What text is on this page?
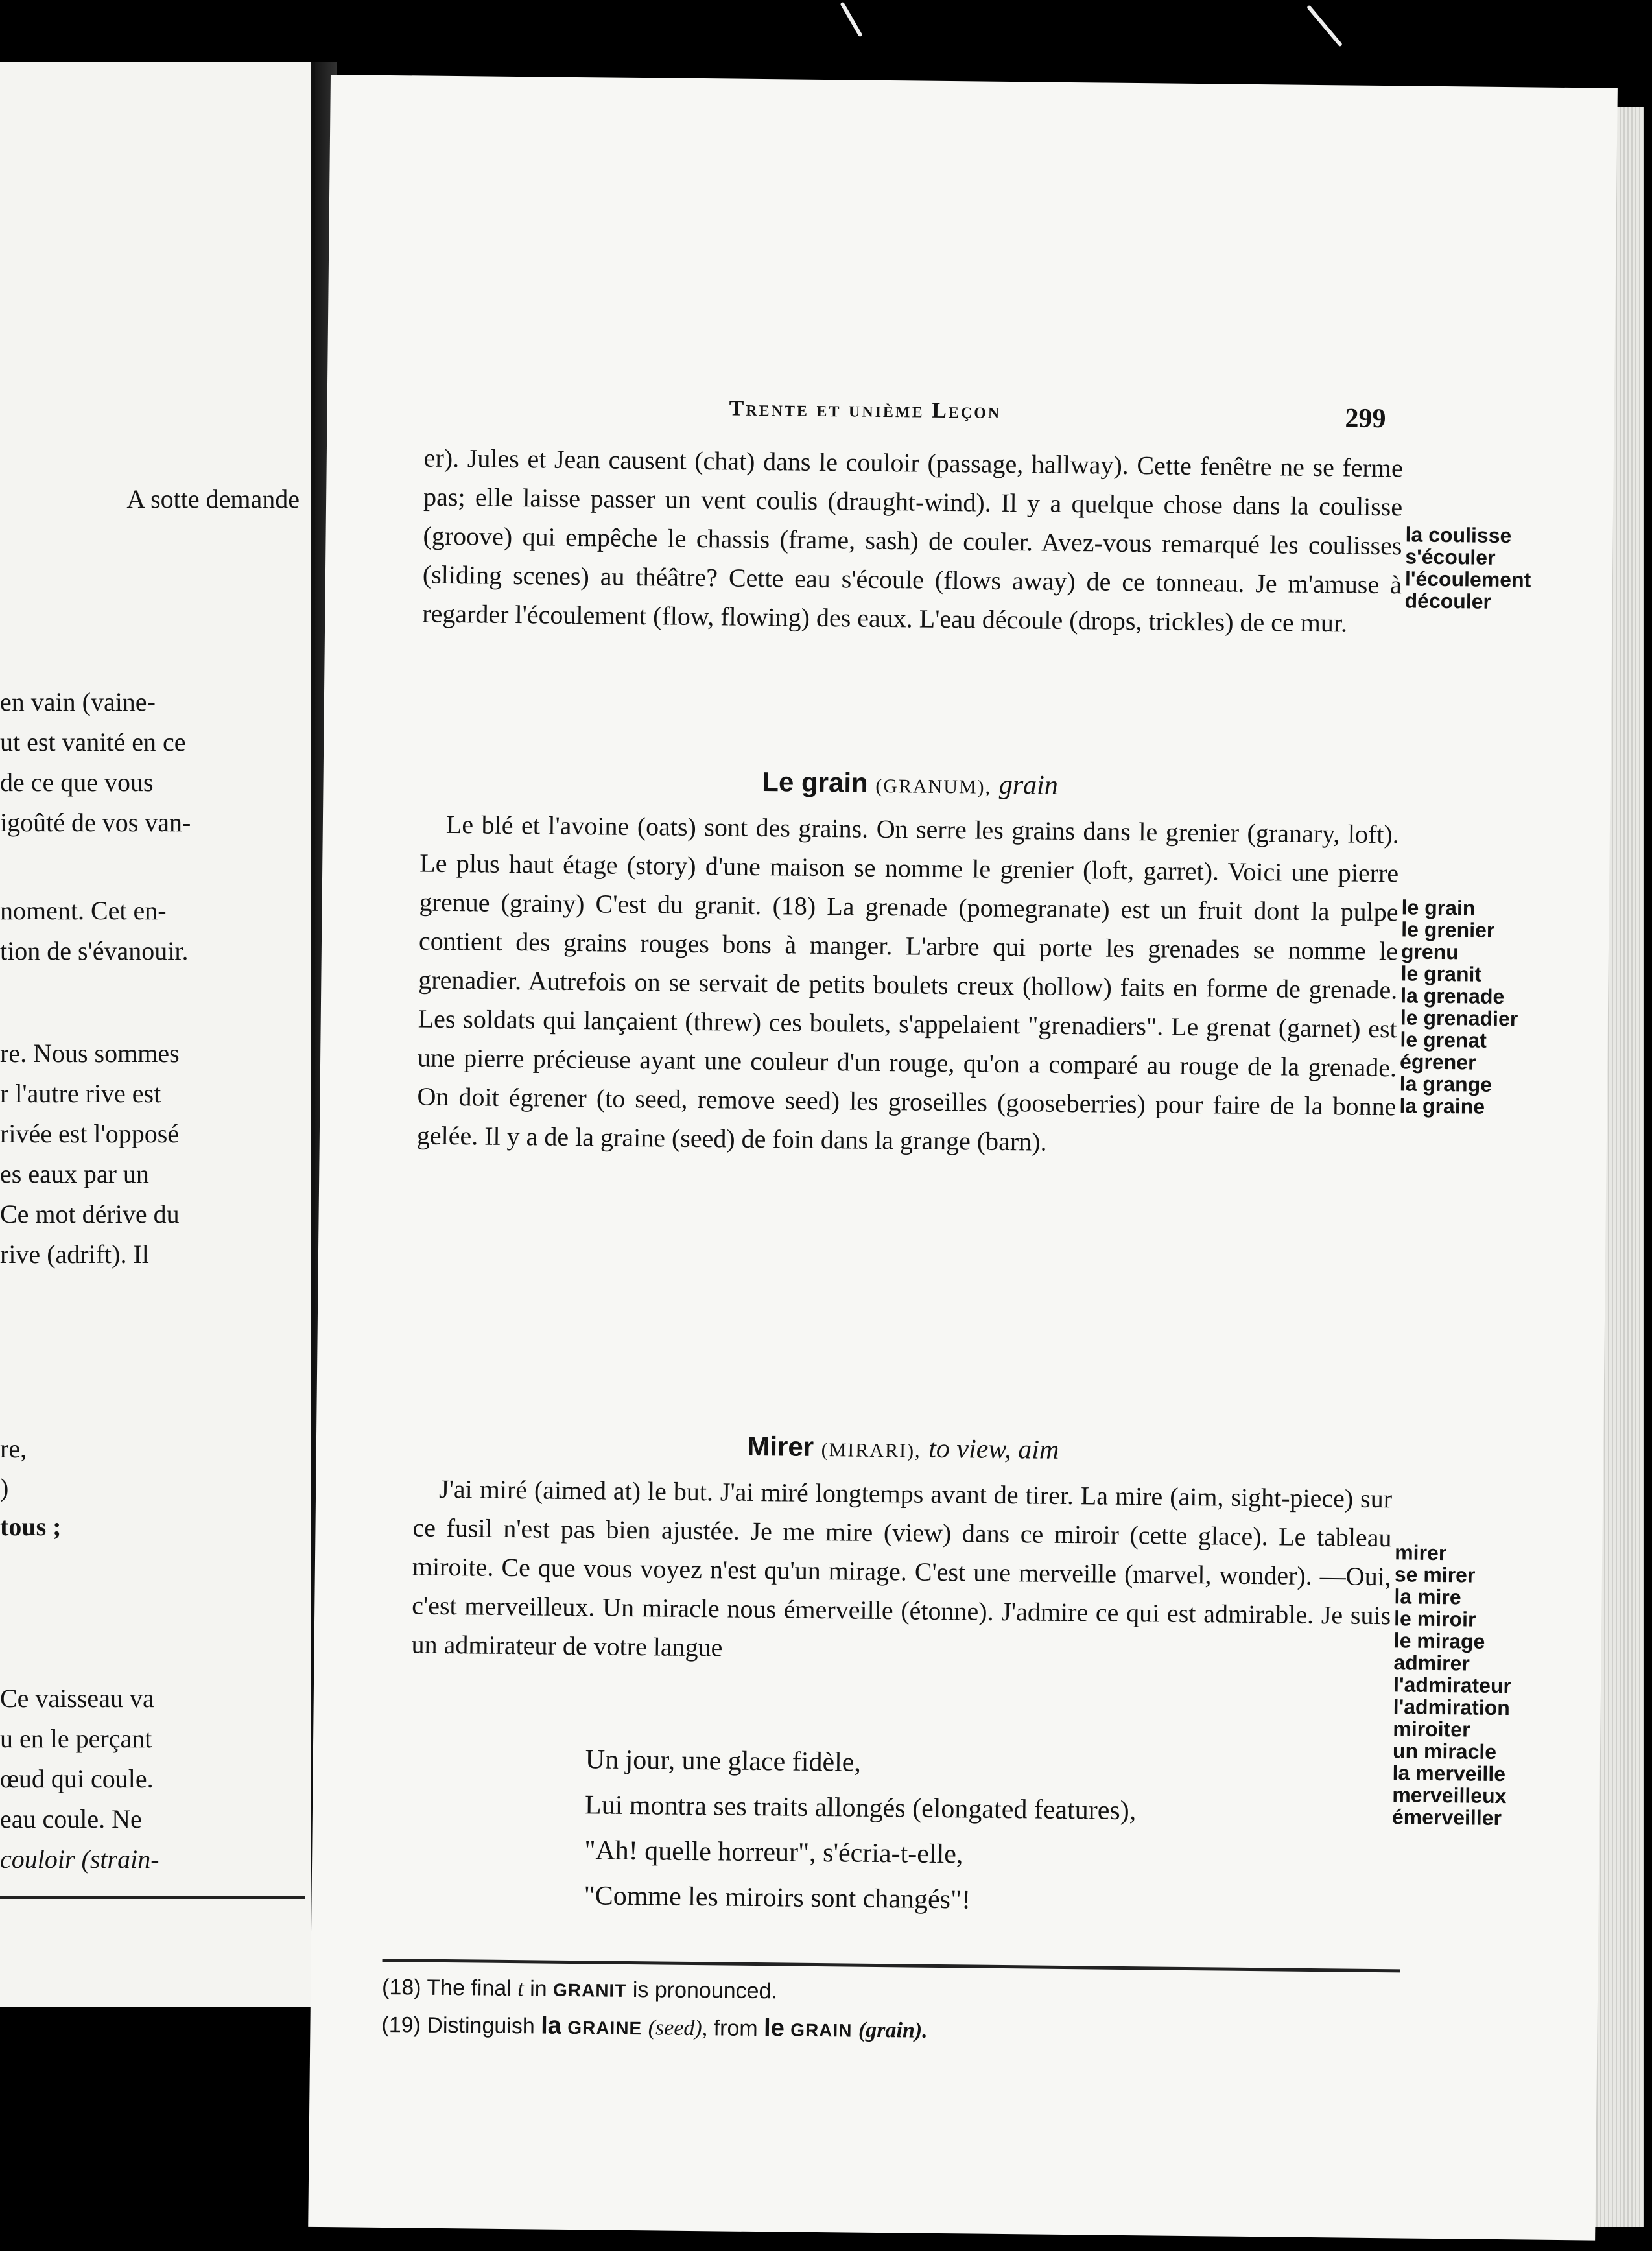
A sotte demande
en vain (vaine-
ut est vanité en ce
de ce que vous
igoûté de vos van-
noment. Cet en-
tion de s'évanouir.
re. Nous sommes
r l'autre rive est
rivée est l'opposé
es eaux par un
Ce mot dérive du
rive (adrift). Il
re,
)
tous ;
Ce vaisseau va
u en le perçant
œud qui coule.
eau coule. Ne
couloir (strain-
Trente et unième Leçon	299

er). Jules et Jean causent (chat) dans le couloir (passage, hallway). Cette fenêtre ne se ferme pas; elle laisse passer un vent coulis (draught-wind). Il y a quelque chose dans la coulisse (groove) qui empêche le chassis (frame, sash) de couler. Avez-vous remarqué les coulisses (sliding scenes) au théâtre? Cette eau s'écoule (flows away) de ce tonneau. Je m'amuse à regarder l'écoulement (flow, flowing) des eaux. L'eau découle (drops, trickles) de ce mur.

la coulisse
s'écouler
l'écoulement
découler
Le grain (GRANUM), grain

Le blé et l'avoine (oats) sont des grains. On serre les grains dans le grenier (granary, loft). Le plus haut étage (story) d'une maison se nomme le grenier (loft, garret). Voici une pierre grenue (grainy) C'est du granit. (18) La grenade (pomegranate) est un fruit dont la pulpe contient des grains rouges bons à manger. L'arbre qui porte les grenades se nomme le grenadier. Autrefois on se servait de petits boulets creux (hollow) faits en forme de grenade. Les soldats qui lançaient (threw) ces boulets, s'appelaient "grenadiers". Le grenat (garnet) est une pierre précieuse ayant une couleur d'un rouge, qu'on a comparé au rouge de la grenade. On doit égrener (to seed, remove seed) les groseilles (gooseberries) pour faire de la bonne gelée. Il y a de la graine (seed) de foin dans la grange (barn).

le grain
le grenier
grenu
le granit
la grenade
le grenadier
le grenat
égrener
la grange
la graine
Mirer (MIRARI), to view, aim

J'ai miré (aimed at) le but. J'ai miré longtemps avant de tirer. La mire (aim, sight-piece) sur ce fusil n'est pas bien ajustée. Je me mire (view) dans ce miroir (cette glace). Le tableau miroite. Ce que vous voyez n'est qu'un mirage. C'est une merveille (marvel, wonder). —Oui, c'est merveilleux. Un miracle nous émerveille (étonne). J'admire ce qui est admirable. Je suis un admirateur de votre langue

mirer
se mirer
la mire
le miroir
le mirage
admirer
l'admirateur
l'admiration
miroiter
un miracle
la merveille
merveilleux
émerveiller
Un jour, une glace fidèle,
Lui montra ses traits allongés (elongated features),
"Ah! quelle horreur", s'écria-t-elle,
"Comme les miroirs sont changés"!
(18) The final t in GRANIT is pronounced.
(19) Distinguish la GRAINE (seed), from le GRAIN (grain).
